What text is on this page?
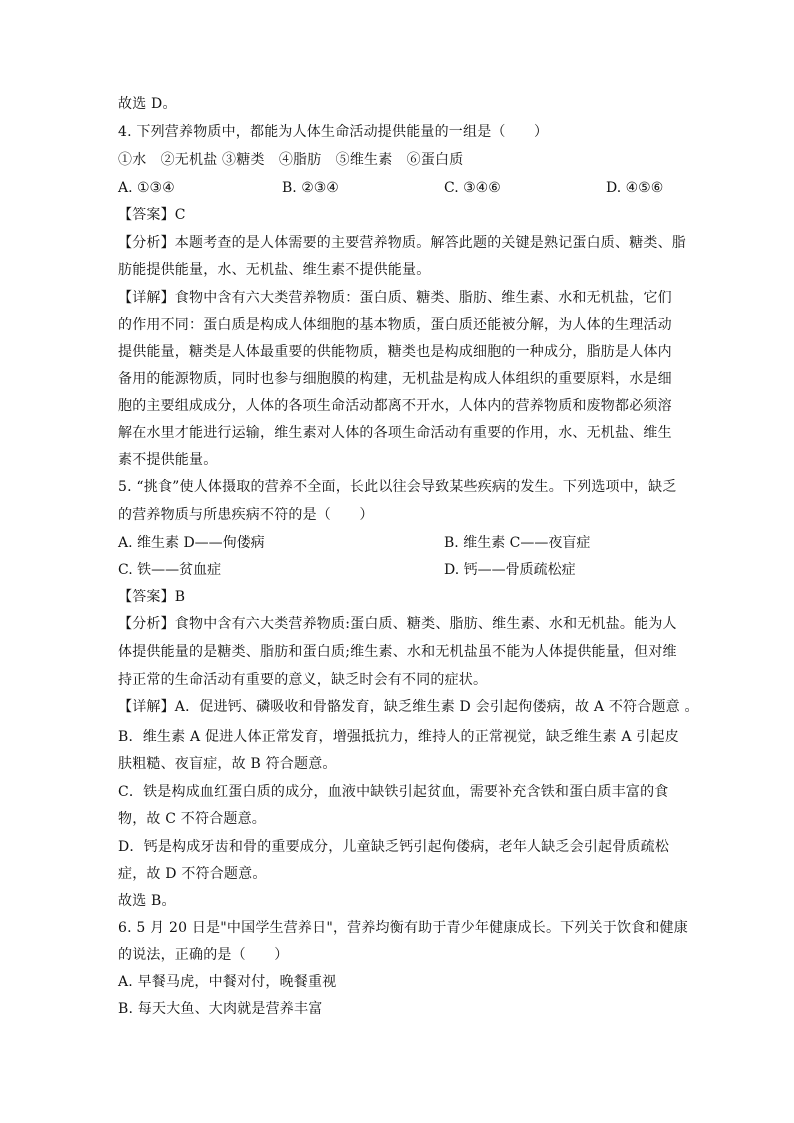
故选 D。
4. 下列营养物质中，都能为人体生命活动提供能量的一组是（　　）
①水　②无机盐 ③糖类　④脂肪　⑤维生素　⑥蛋白质
A. ①③④	B. ②③④	C. ③④⑥	D. ④⑤⑥
【答案】C
【分析】本题考查的是人体需要的主要营养物质。解答此题的关键是熟记蛋白质、糖类、脂
肪能提供能量，水、无机盐、维生素不提供能量。
【详解】食物中含有六大类营养物质：蛋白质、糖类、脂肪、维生素、水和无机盐，它们
的作用不同：蛋白质是构成人体细胞的基本物质，蛋白质还能被分解，为人体的生理活动
提供能量，糖类是人体最重要的供能物质，糖类也是构成细胞的一种成分，脂肪是人体内
备用的能源物质，同时也参与细胞膜的构建，无机盐是构成人体组织的重要原料，水是细
胞的主要组成成分，人体的各项生命活动都离不开水，人体内的营养物质和废物都必须溶
解在水里才能进行运输，维生素对人体的各项生命活动有重要的作用，水、无机盐、维生
素不提供能量。
5. “挑食”使人体摄取的营养不全面，长此以往会导致某些疾病的发生。下列选项中，缺乏
的营养物质与所患疾病不符的是（　　）
A. 维生素 D——佝偻病	B. 维生素 C——夜盲症
C. 铁——贫血症	D. 钙——骨质疏松症
【答案】B
【分析】食物中含有六大类营养物质:蛋白质、糖类、脂肪、维生素、水和无机盐。能为人
体提供能量的是糖类、脂肪和蛋白质;维生素、水和无机盐虽不能为人体提供能量，但对维
持正常的生命活动有重要的意义，缺乏时会有不同的症状。
【详解】A．促进钙、磷吸收和骨骼发育，缺乏维生素 D 会引起佝偻病，故 A 不符合题意 。
B．维生素 A 促进人体正常发育，增强抵抗力，维持人的正常视觉，缺乏维生素 A 引起皮
肤粗糙、夜盲症，故 B 符合题意。
C．铁是构成血红蛋白质的成分，血液中缺铁引起贫血，需要补充含铁和蛋白质丰富的食
物，故 C 不符合题意。
D．钙是构成牙齿和骨的重要成分，儿童缺乏钙引起佝偻病，老年人缺乏会引起骨质疏松
症，故 D 不符合题意。
故选 B。
6. 5 月 20 日是"中国学生营养日"，营养均衡有助于青少年健康成长。下列关于饮食和健康
的说法，正确的是（　　）
A. 早餐马虎，中餐对付，晚餐重视
B. 每天大鱼、大肉就是营养丰富
